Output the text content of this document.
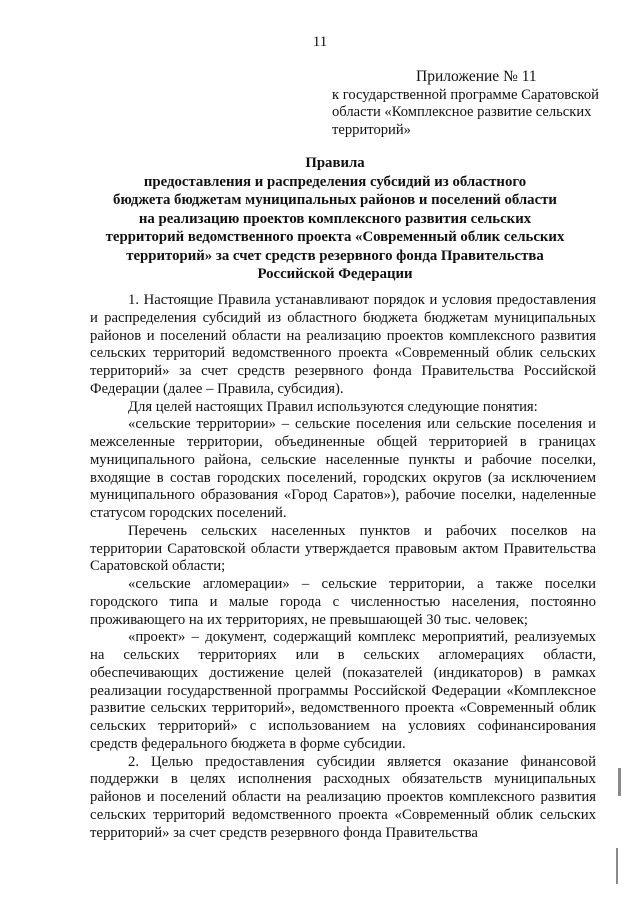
11
Приложение № 11
к государственной программе Саратовской области «Комплексное развитие сельских территорий»
Правила
предоставления и распределения субсидий из областного
бюджета бюджетам муниципальных районов и поселений области
на реализацию проектов комплексного развития сельских
территорий ведомственного проекта «Современный облик сельских
территорий» за счет средств резервного фонда Правительства
Российской Федерации

1. Настоящие Правила устанавливают порядок и условия предоставления и распределения субсидий из областного бюджета бюджетам муниципальных районов и поселений области на реализацию проектов комплексного развития сельских территорий ведомственного проекта «Современный облик сельских территорий» за счет средств резервного фонда Правительства Российской Федерации (далее – Правила, субсидия).

Для целей настоящих Правил используются следующие понятия:

«сельские территории» – сельские поселения или сельские поселения и межселенные территории, объединенные общей территорией в границах муниципального района, сельские населенные пункты и рабочие поселки, входящие в состав городских поселений, городских округов (за исключением муниципального образования «Город Саратов»), рабочие поселки, наделенные статусом городских поселений.

Перечень сельских населенных пунктов и рабочих поселков на территории Саратовской области утверждается правовым актом Правительства Саратовской области;

«сельские агломерации» – сельские территории, а также поселки городского типа и малые города с численностью населения, постоянно проживающего на их территориях, не превышающей 30 тыс. человек;

«проект» – документ, содержащий комплекс мероприятий, реализуемых на сельских территориях или в сельских агломерациях области, обеспечивающих достижение целей (показателей (индикаторов) в рамках реализации государственной программы Российской Федерации «Комплексное развитие сельских территорий», ведомственного проекта «Современный облик сельских территорий» с использованием на условиях софинансирования средств федерального бюджета в форме субсидии.

2. Целью предоставления субсидии является оказание финансовой поддержки в целях исполнения расходных обязательств муниципальных районов и поселений области на реализацию проектов комплексного развития сельских территорий ведомственного проекта «Современный облик сельских территорий» за счет средств резервного фонда Правительства
